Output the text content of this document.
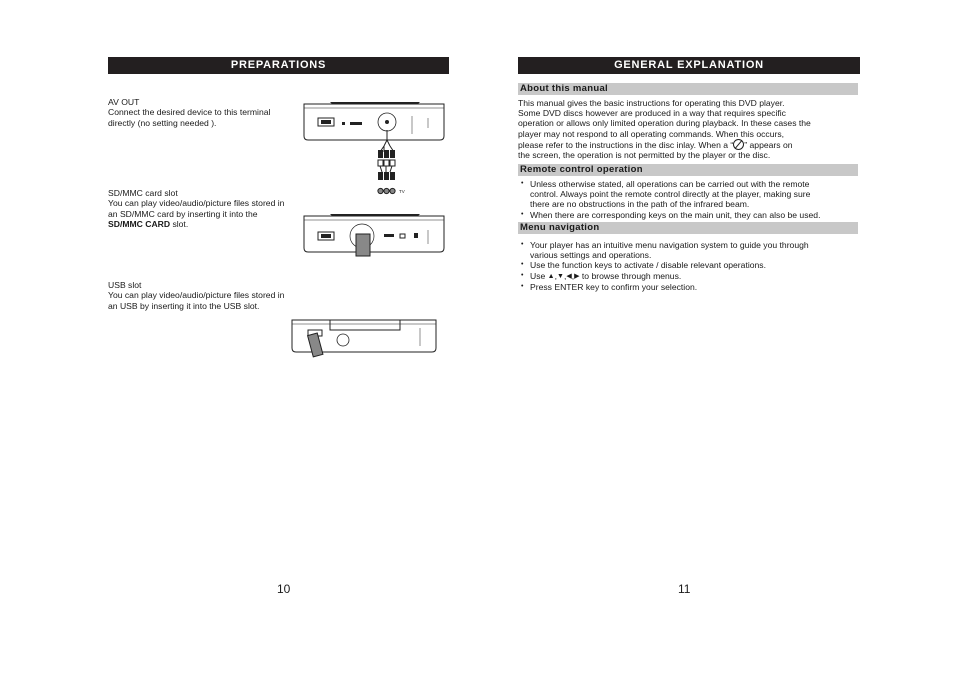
PREPARATIONS

AV OUT

Connect the desired device to this terminal

directly (no setting needed ).

SD/MMC card slot

You can play video/audio/picture files stored in

an SD/MMC card by inserting it into the

SD/MMC CARD slot.

USB slot

You can play video/audio/picture files stored in

an USB by inserting it into the USB slot.

TV
10
GENERAL EXPLANATION
About this manual

This manual gives the basic instructions for operating this DVD player.

Some DVD discs however are produced in a way that requires specific

operation or allows only limited operation during playback. In these cases the

player may not respond to all operating commands. When this occurs,

please refer to the instructions in the disc inlay. When a “ ” appears on

the screen, the operation is not permitted by the player or the disc.

Remote control operation
• Unless otherwise stated, all operations can be carried out with the remote
control. Always point the remote control directly at the player, making sure
there are no obstructions in the path of the infrared beam.
• When there are corresponding keys on the main unit, they can also be used.
Menu navigation
• Your player has an intuitive menu navigation system to guide you through
various settings and operations.
• Use the function keys to activate / disable relevant operations.
• Use ▲,▼,◀,▶ to browse through menus.
• Press ENTER key to confirm your selection.
11
